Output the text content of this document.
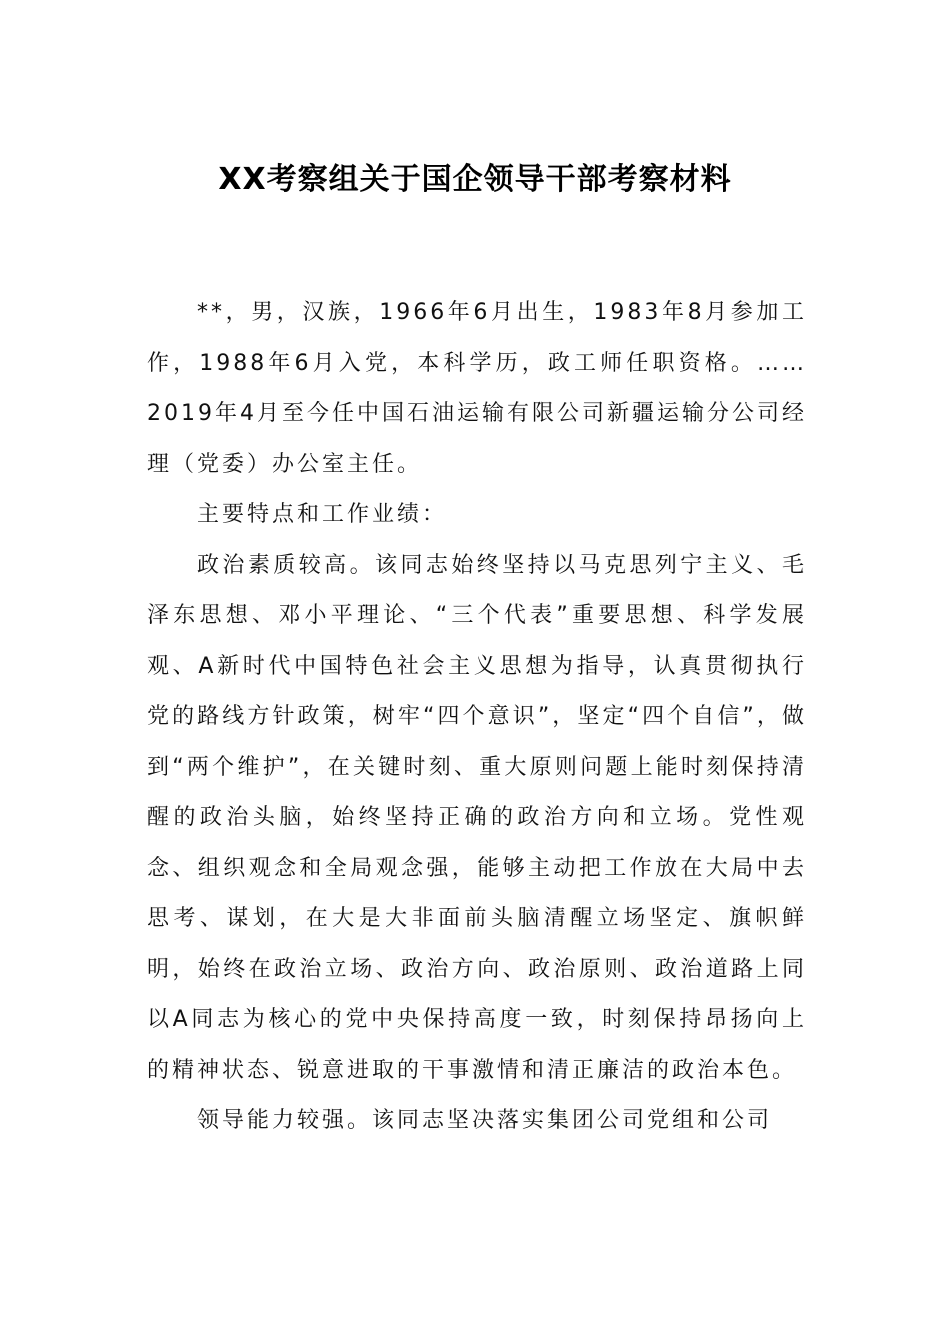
XX考察组关于国企领导干部考察材料

**，男，汉族，1966年6月出生，1983年8月参加工作，1988年6月入党，本科学历，政工师任职资格。……2019年4月至今任中国石油运输有限公司新疆运输分公司经理（党委）办公室主任。

主要特点和工作业绩：

政治素质较高。该同志始终坚持以马克思列宁主义、毛泽东思想、邓小平理论、“三个代表”重要思想、科学发展观、A新时代中国特色社会主义思想为指导，认真贯彻执行党的路线方针政策，树牢“四个意识”，坚定“四个自信”，做到“两个维护”，在关键时刻、重大原则问题上能时刻保持清醒的政治头脑，始终坚持正确的政治方向和立场。党性观念、组织观念和全局观念强，能够主动把工作放在大局中去思考、谋划，在大是大非面前头脑清醒立场坚定、旗帜鲜明，始终在政治立场、政治方向、政治原则、政治道路上同以A同志为核心的党中央保持高度一致，时刻保持昂扬向上的精神状态、锐意进取的干事激情和清正廉洁的政治本色。

领导能力较强。该同志坚决落实集团公司党组和公司
